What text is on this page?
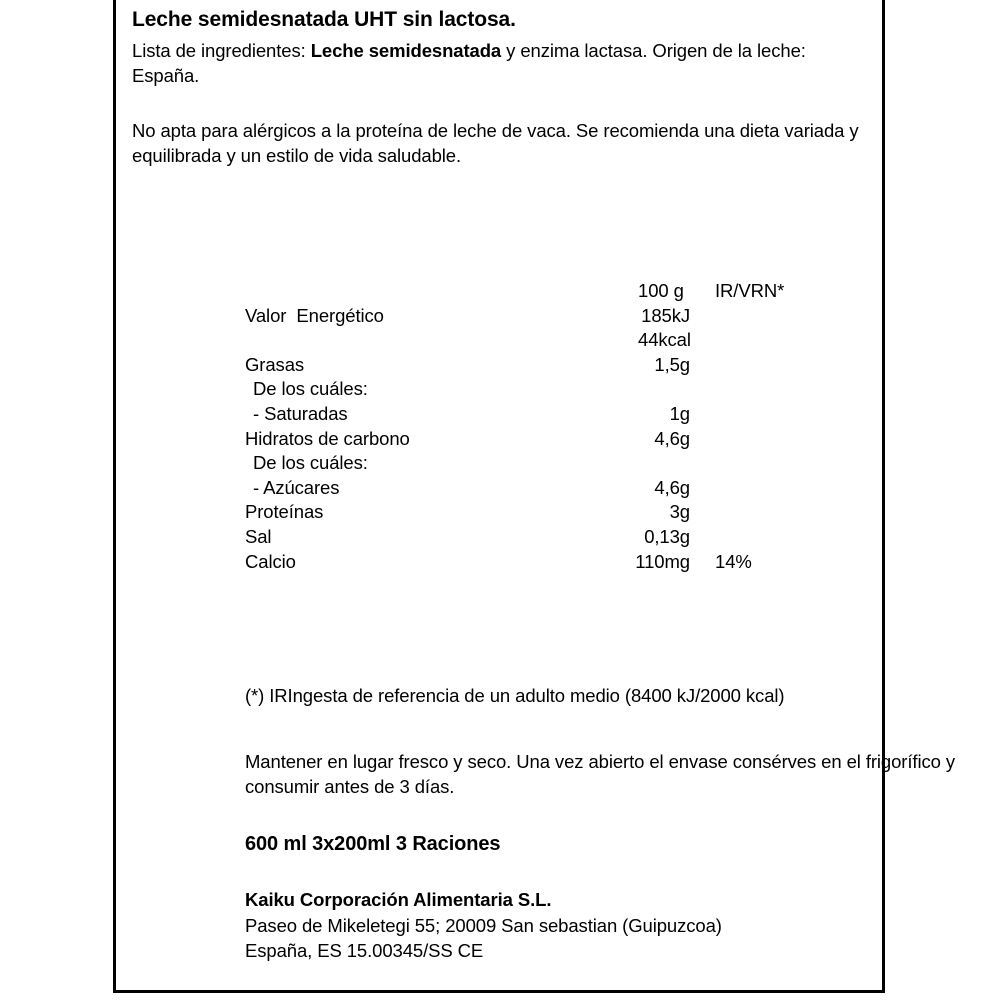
Leche semidesnatada UHT sin lactosa.

Lista de ingredientes: Leche semidesnatada y enzima lactasa. Origen de la leche: España.

No apta para alérgicos a la proteína de leche de vaca. Se recomienda una dieta variada y equilibrada y un estilo de vida saludable.

100 g	IR/VRN*
Valor  Energético	185kJ
44kcal
Grasas	1,5g
De los cuáles:
- Saturadas	1g
Hidratos de carbono	4,6g
De los cuáles:
- Azúcares	4,6g
Proteínas	3g
Sal	0,13g
Calcio	110mg 14%

(*) IRIngesta de referencia de un adulto medio (8400 kJ/2000 kcal)

Mantener en lugar fresco y seco. Una vez abierto el envase consérves en el frigorífico y consumir antes de 3 días.

600 ml 3x200ml 3 Raciones

Kaiku Corporación Alimentaria S.L.

Paseo de Mikeletegi 55; 20009 San sebastian (Guipuzcoa)

España, ES 15.00345/SS CE
